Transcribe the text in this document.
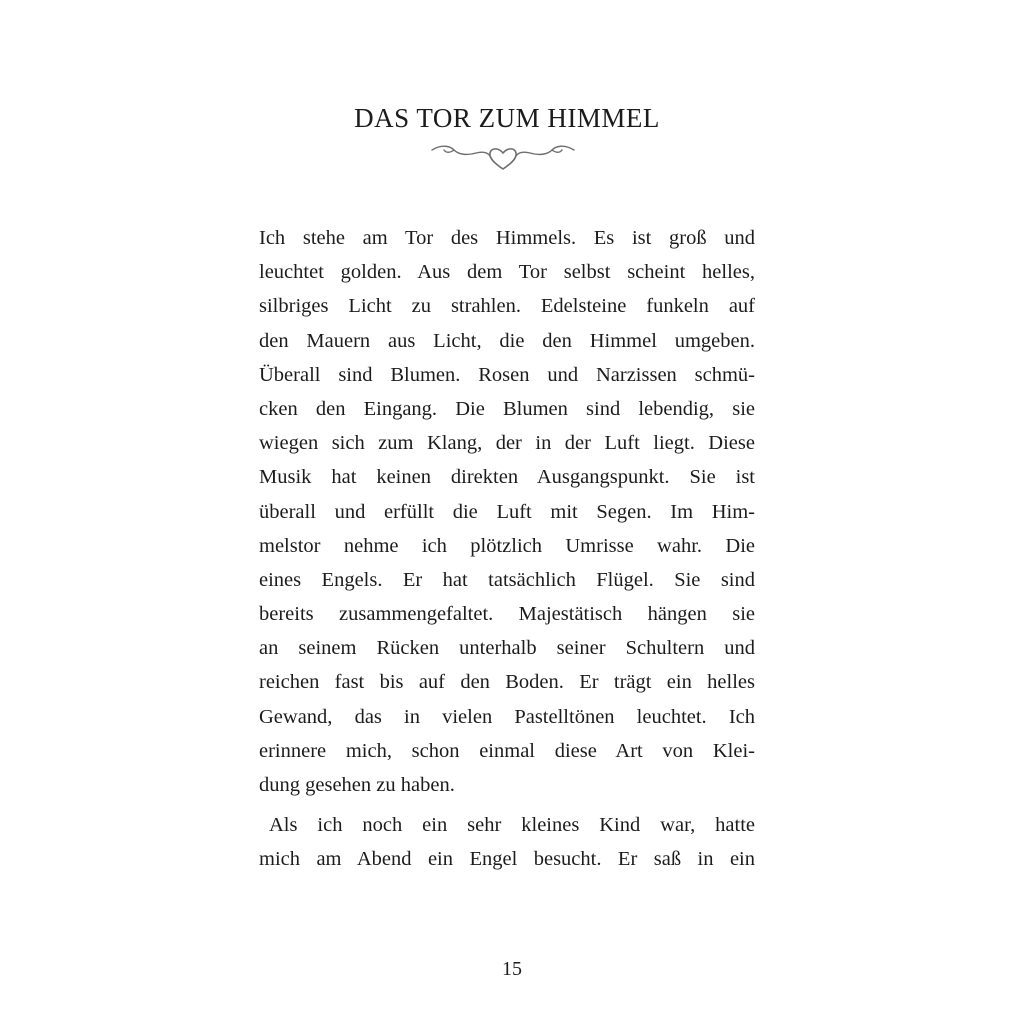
DAS TOR ZUM HIMMEL
Ich stehe am Tor des Himmels. Es ist groß und
leuchtet golden. Aus dem Tor selbst scheint helles,
silbriges Licht zu strahlen. Edelsteine funkeln auf
den Mauern aus Licht, die den Himmel umgeben.
Überall sind Blumen. Rosen und Narzissen schmü-
cken den Eingang. Die Blumen sind lebendig, sie
wiegen sich zum Klang, der in der Luft liegt. Diese
Musik hat keinen direkten Ausgangspunkt. Sie ist
überall und erfüllt die Luft mit Segen. Im Him-
melstor nehme ich plötzlich Umrisse wahr. Die
eines Engels. Er hat tatsächlich Flügel. Sie sind
bereits zusammengefaltet. Majestätisch hängen sie
an seinem Rücken unterhalb seiner Schultern und
reichen fast bis auf den Boden. Er trägt ein helles
Gewand, das in vielen Pastelltönen leuchtet. Ich
erinnere mich, schon einmal diese Art von Klei-
dung gesehen zu haben.
Als ich noch ein sehr kleines Kind war, hatte
mich am Abend ein Engel besucht. Er saß in ein
15
